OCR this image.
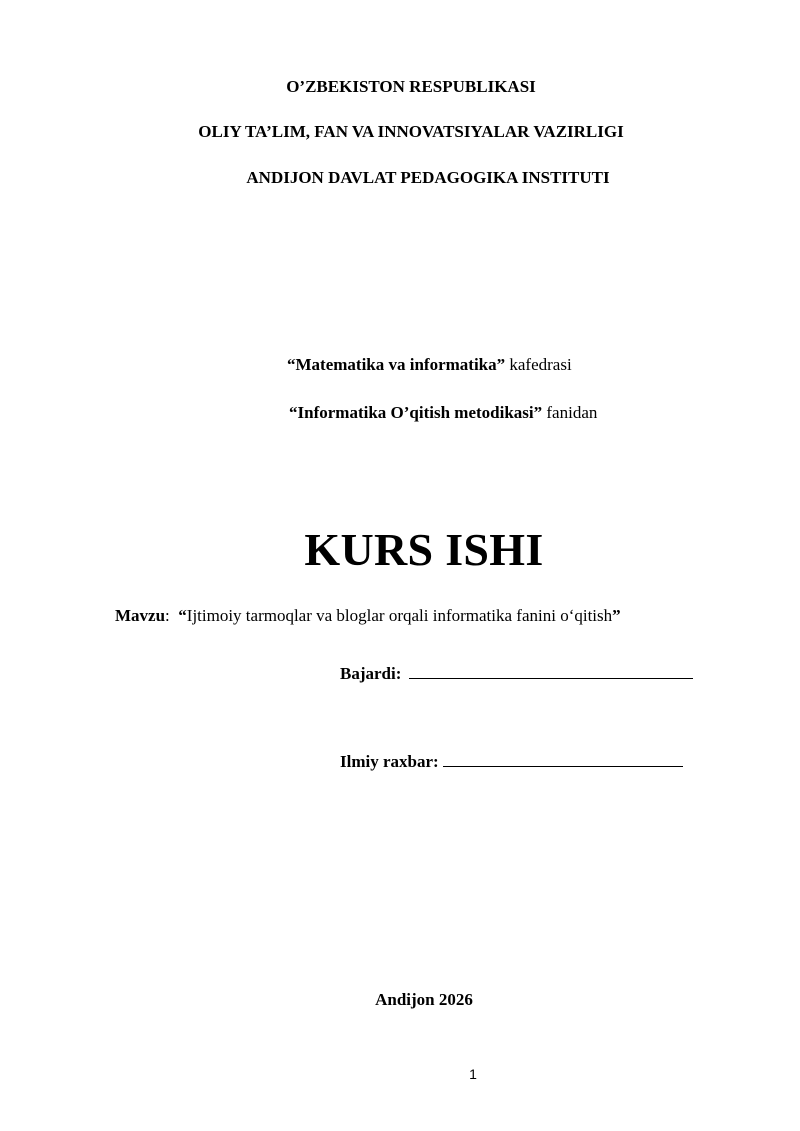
O’ZBEKISTON RESPUBLIKASI
OLIY TA’LIM, FAN VA INNOVATSIYALAR VAZIRLIGI
ANDIJON DAVLAT PEDAGOGIKA INSTITUTI
“Matematika va informatika” kafedrasi
“Informatika O’qitish metodikasi” fanidan
KURS ISHI
Mavzu:  “Ijtimoiy tarmoqlar va bloglar orqali informatika fanini o‘qitish”
Bajardi:
Ilmiy raxbar:
Andijon 2026
1
